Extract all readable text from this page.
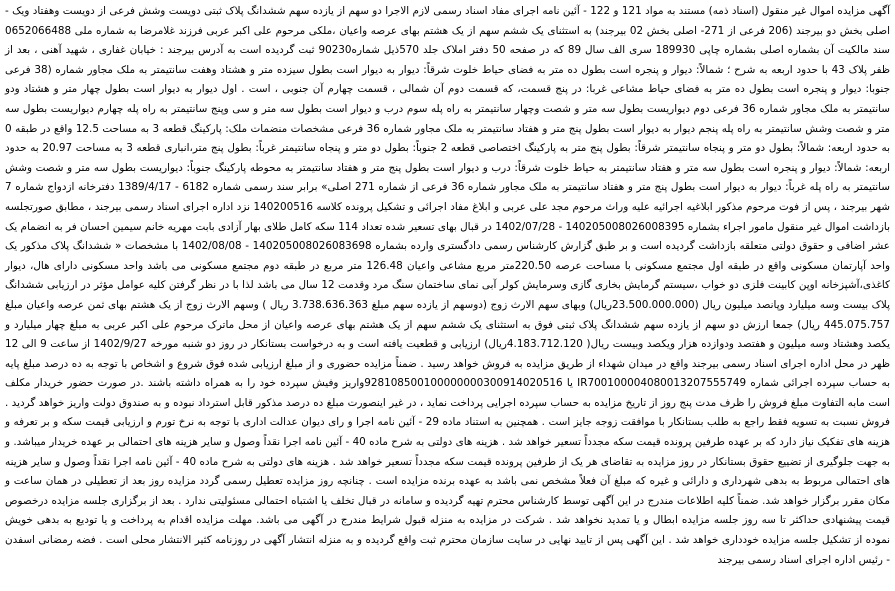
آگهی مزایده اموال غیر منقول (اسناد ذمه) مستند به مواد 121 و 122 - آئین نامه اجرای مفاد اسناد رسمی لازم الاجرا دو سهم از یازده سهم ششدانگ پلاک ثبتی دویست وشش فرعی از دویست وهفتاد ویک - اصلی بخش دو بیرجند (206 فرعی از 271- اصلی بخش 02 بیرجند) به استثنای یک ششم سهم از یک هشتم بهای عرصه واعیان ،ملکی مرحوم علی اکبر عربی فرزند غلامرضا به شماره ملی 0652066488 سند مالکیت آن بشماره اصلی بشماره چاپی 189930 سری الف سال 89 که در صفحه 50 دفتر املاک جلد 570ذیل شماره90230 ثبت گردیده است به آدرس بیرجند : خیابان غفاری ، شهید آهنی ، بعد از ظفر پلاک 43 با حدود اربعه به شرح ؛ شمالاً: دیوار و پنجره است بطول ده متر به فضای حیاط خلوت شرقاً: دیوار به دیوار است بطول سیزده متر و هشتاد وهفت سانتیمتر به ملک مجاور شماره (38 فرعی جنوبا: دیوار و پنجره است بطول ده متر به فضای حیاط مشاعی غربا: در پنج قسمت، که قسمت دوم آن شمالی ، قسمت چهارم آن جنوبی ، است . اول دیوار به دیوار است بطول چهار متر و هشتاد ودو سانتیمتر به ملک مجاور شماره 36 فرعی دوم دیواریست بطول سه متر و شصت وچهار سانتیمتر به راه پله سوم درب و دیوار است بطول سه متر و سی وپنج سانتیمتر به راه پله چهارم دیواریست بطول سه متر و شصت وشش سانتیمتر به راه پله پنجم دیوار به دیوار است بطول پنج متر و هفتاد سانتیمتر به ملک مجاور شماره 36 فرعی مشخصات منضمات ملک: پارکینگ قطعه 3 به مساحت 12.5 واقع در طبقه 0 به حدود اربعه: شمالاً: بطول دو متر و پنجاه سانتیمتر شرقاً: بطول پنج متر به پارکینگ اختصاصی قطعه 2 جنوباً: بطول دو متر و پنجاه سانتیمتر غرباً: بطول پنج متر،انباری قطعه 3 به مساحت 20.97 به حدود اربعه: شمالاً: دیوار و پنجره است بطول سه متر و هفتاد سانتیمتر به حیاط خلوت شرقاً: درب و دیوار است بطول پنج متر و هفتاد سانتیمتر به محوطه پارکینگ جنوباً: دیواریست بطول سه متر و شصت وشش سانتیمتر به راه پله غرباً: دیوار به دیوار است بطول پنج متر و هفتاد سانتیمتر به ملک مجاور شماره 36 فرعی از شماره 271 اصلی» برابر سند رسمی شماره 6182 - 1389/4/17 دفترخانه ازدواج شماره 7 شهر بیرجند ، پس از فوت مرحوم مذکور ابلاغیه اجرائیه علیه وراث مرحوم مجد علی عربی و ابلاغ مفاد اجرائی و تشکیل پرونده کلاسه 140200516 نزد اداره اجرای اسناد رسمی بیرجند ، مطابق صورتجلسه بازداشت اموال غیر منقول مامور اجراء بشماره 140205008026008395 - 1402/07/28 در قبال بهای تسعیر شده تعداد 114 سکه کامل طلای بهار آزادی بابت مهریه خانم سیمین احسان فر به انضمام یک عشر اضافی و حقوق دولتی متعلقه بازداشت گردیده است و بر طبق گزارش کارشناس رسمی دادگستری وارده بشماره 140205008026083698 - 1402/08/08 با مشخصات « ششدانگ پلاک مذکور یک واحد آپارتمان مسکونی واقع در طبقه اول مجتمع مسکونی با مساحت عرصه 220.50متر مربع مشاعی واعیان 126.48 متر مربع در طبقه دوم مجتمع مسکونی می باشد واحد مسکونی دارای هال، دیوار کاغذی،آشپزخانه اوپن کابینت فلزی دو خواب ،سیستم گرمایش بخاری گازی وسرمایش کولر آبی نمای ساختمان سنگ مرد وقدمت 12 سال می باشد لذا با در نظر گرفتن کلیه عوامل مؤثر در ارزیابی ششدانگ پلاک بیست وسه میلیارد وپانصد میلیون ریال (23.500.000.000ریال) وبهای سهم الارث زوج (دوسهم از یازده سهم مبلغ 3.738.636.363 ریال ) وسهم الارث زوج از یک هشتم بهای ثمن عرصه واعیان مبلغ 445.075.757 ریال) جمعا ارزش دو سهم از یازده سهم ششدانگ پلاک ثبتی فوق به استثنای یک ششم سهم از یک هشتم بهای عرصه واعیان از محل ماترک مرحوم علی اکبر عربی به مبلغ چهار میلیارد و یکصد وهشتاد وسه میلیون و هفتصد ودوازده هزار ویکصد وبیست ریال( 4.183.712.120ریال) ارزیابی و قطعیت یافته است و به درخواست بستانکار در روز دو شنبه مورخه 1402/9/27 از ساعت 9 الی 12 ظهر در محل اداره اجرای اسناد رسمی بیرجند واقع در میدان شهداء از طریق مزایده به فروش خواهد رسید . ضمناً مزایده حضوری و از مبلغ ارزیابی شده فوق شروع و اشخاص با توجه به ده درصد مبلغ پایه به حساب سپرده اجرائی شماره IR700100004080013207555749 یا 928108500100000000300914020516واریز وفیش سپرده خود را به همراه داشته باشند .در صورت حضور خریدار مکلف است مابه التفاوت مبلغ فروش را ظرف مدت پنج روز از تاریخ مزایده به حساب سپرده اجرایی پرداخت نماید ، در غیر اینصورت مبلغ ده درصد مذکور قابل استرداد نبوده و به صندوق دولت واریز خواهد گردید . فروش نسبت به تسویه فقط راجع به طلب بستانکار با موافقت زوجه جایز است . همچنین به استناد ماده 29 - آئین نامه اجرا و رای دیوان عدالت اداری با توجه به نرخ تورم و ارزیابی قیمت سکه و بر تعرفه و هزینه های تفکیک نیاز دارد که بر عهده طرفین پرونده قیمت سکه مجدداً تسعیر خواهد شد . هزینه های دولتی به شرح ماده 40 - آئین نامه اجرا نقداً وصول و سایر هزینه های احتمالی بر عهده خریدار میباشد. و به جهت جلوگیری از تضییع حقوق بستانکار در روز مزایده به تقاضای هر یک از طرفین پرونده قیمت سکه مجدداً تسعیر خواهد شد . هزینه های دولتی به شرح ماده 40 - آئین نامه اجرا نقداً وصول و سایر هزینه های احتمالی مربوط به بدهی شهرداری و دارائی و غیره که مبلغ آن فعلاً مشخص نمی باشد به عهده برنده مزایده است . چنانچه روز مزایده تعطیل رسمی گردد مزایده روز بعد از تعطیلی در همان ساعت و مکان مقرر برگزار خواهد شد. ضمناً کلیه اطلاعات مندرج در این آگهی توسط کارشناس محترم تهیه گردیده و سامانه در قبال تخلف یا اشتباه احتمالی مسئولیتی ندارد . بعد از برگزاری جلسه مزایده درخصوص قیمت پیشنهادی حداکثر تا سه روز جلسه مزایده ابطال و یا تمدید نخواهد شد . شرکت در مزایده به منزله قبول شرایط مندرج در آگهی می باشد. مهلت مزایده اقدام به پرداخت و یا تودیع به بدهی خویش نموده از تشکیل جلسه مزایده خودداری خواهد شد . این آگهی پس از تایید نهایی در سایت سازمان محترم ثبت واقع گردیده و به منزله انتشار آگهی در روزنامه کثیر الانتشار محلی است . فضه رمضانی اسفدن - رئیس اداره اجرای اسناد رسمی بیرجند
